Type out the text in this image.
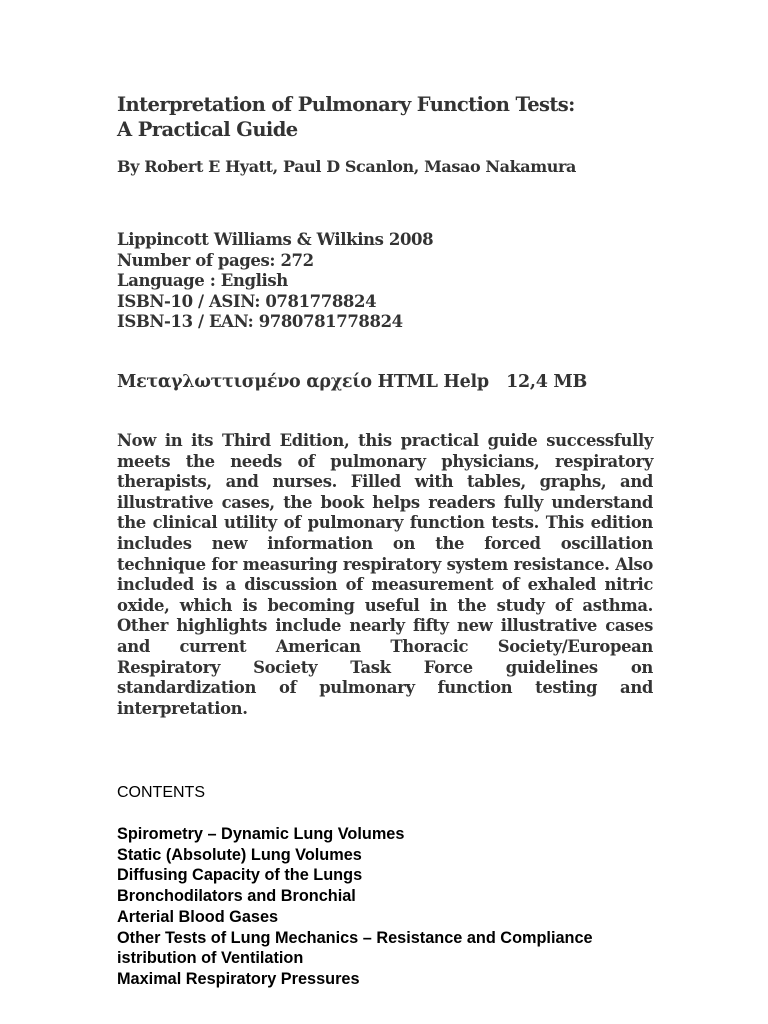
Interpretation of Pulmonary Function Tests:
A Practical Guide
By Robert E Hyatt, Paul D Scanlon, Masao Nakamura
Lippincott Williams & Wilkins 2008
Number of pages: 272
Language : English
ISBN-10 / ASIN: 0781778824
ISBN-13 / EAN: 9780781778824
Μεταγλωττισμένο αρχείο HTML Help   12,4 MB
Now in its Third Edition, this practical guide successfully meets the needs of pulmonary physicians, respiratory therapists, and nurses. Filled with tables, graphs, and illustrative cases, the book helps readers fully understand the clinical utility of pulmonary function tests. This edition includes new information on the forced oscillation technique for measuring respiratory system resistance. Also included is a discussion of measurement of exhaled nitric oxide, which is becoming useful in the study of asthma. Other highlights include nearly fifty new illustrative cases and current American Thoracic Society/European Respiratory Society Task Force guidelines on standardization of pulmonary function testing and interpretation.
CONTENTS
Spirometry – Dynamic Lung Volumes
Static (Absolute) Lung Volumes
Diffusing Capacity of the Lungs
Bronchodilators and Bronchial
Arterial Blood Gases
Other Tests of Lung Mechanics – Resistance and Compliance
istribution of Ventilation
Maximal Respiratory Pressures
